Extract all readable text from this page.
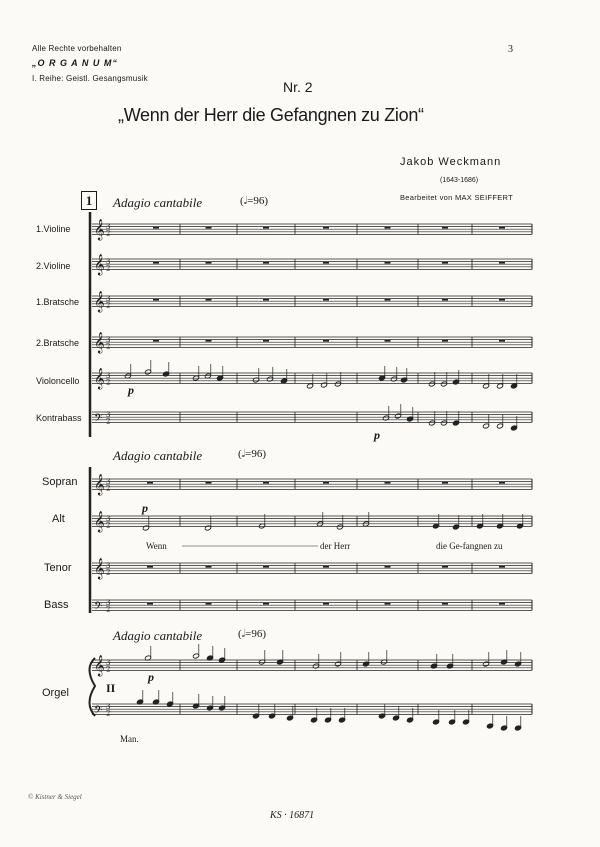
Alle Rechte vorbehalten
„O R G A N U M“
I. Reihe: Geistl. Gesangsmusik
3
Nr. 2
„Wenn der Herr die Gefangnen zu Zion“
Jakob Weckmann
(1643-1686)
Bearbeitet von MAX SEIFFERT
1	Adagio cantabile	(𝅗𝅥=96)
Adagio cantabile	(𝅗𝅥=96)
Adagio cantabile	(𝅗𝅥=96)
1.Violine
2.Violine
1.Bratsche
2.Bratsche
Violoncello
Kontrabass
Sopran
Alt
Tenor
Bass
Orgel	II
Man.
p
p
p
p
Wenn	der Herr	die Ge-fangnen zu
© Kistner & Siegel
KS · 16871
𝄞 3
2
𝄞 3
2
𝄞 3
2
𝄞 3
2
𝄞 3
2
𝄢 3
2
𝄞 3
2
𝄞 3
2
𝄞 3
2
𝄢 3
2
𝄞 3
2
𝄢 3
2
